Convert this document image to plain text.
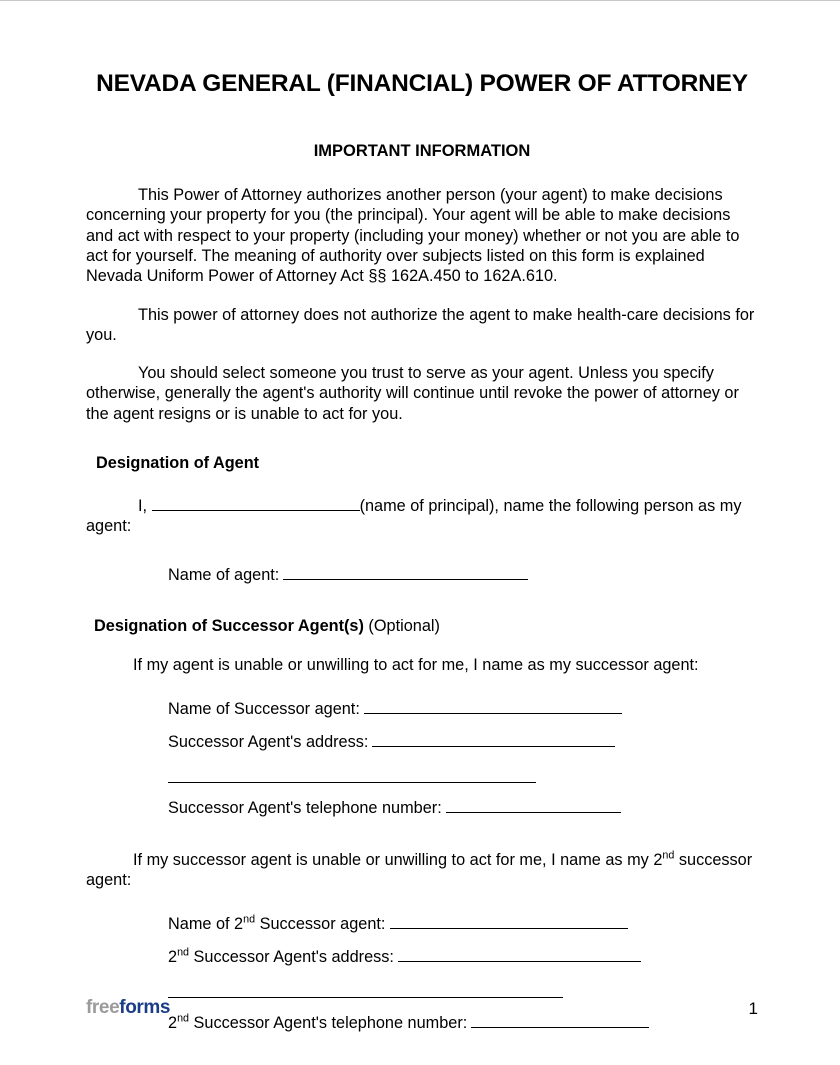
NEVADA GENERAL (FINANCIAL) POWER OF ATTORNEY
IMPORTANT INFORMATION

This Power of Attorney authorizes another person (your agent) to make decisions concerning your property for you (the principal). Your agent will be able to make decisions and act with respect to your property (including your money) whether or not you are able to act for yourself. The meaning of authority over subjects listed on this form is explained Nevada Uniform Power of Attorney Act §§ 162A.450 to 162A.610.

This power of attorney does not authorize the agent to make health-care decisions for you.

You should select someone you trust to serve as your agent. Unless you specify otherwise, generally the agent's authority will continue until revoke the power of attorney or the agent resigns or is unable to act for you.

Designation of Agent

I,	(name of principal), name the following person as my agent:

Name of agent:
Designation of Successor Agent(s) (Optional)

If my agent is unable or unwilling to act for me, I name as my successor agent:

Name of Successor agent:
Successor Agent's address:
Successor Agent's telephone number:

If my successor agent is unable or unwilling to act for me, I name as my 2nd successor agent:

Name of 2nd Successor agent:
2nd Successor Agent's address:
2nd Successor Agent's telephone number:
freeforms	1
